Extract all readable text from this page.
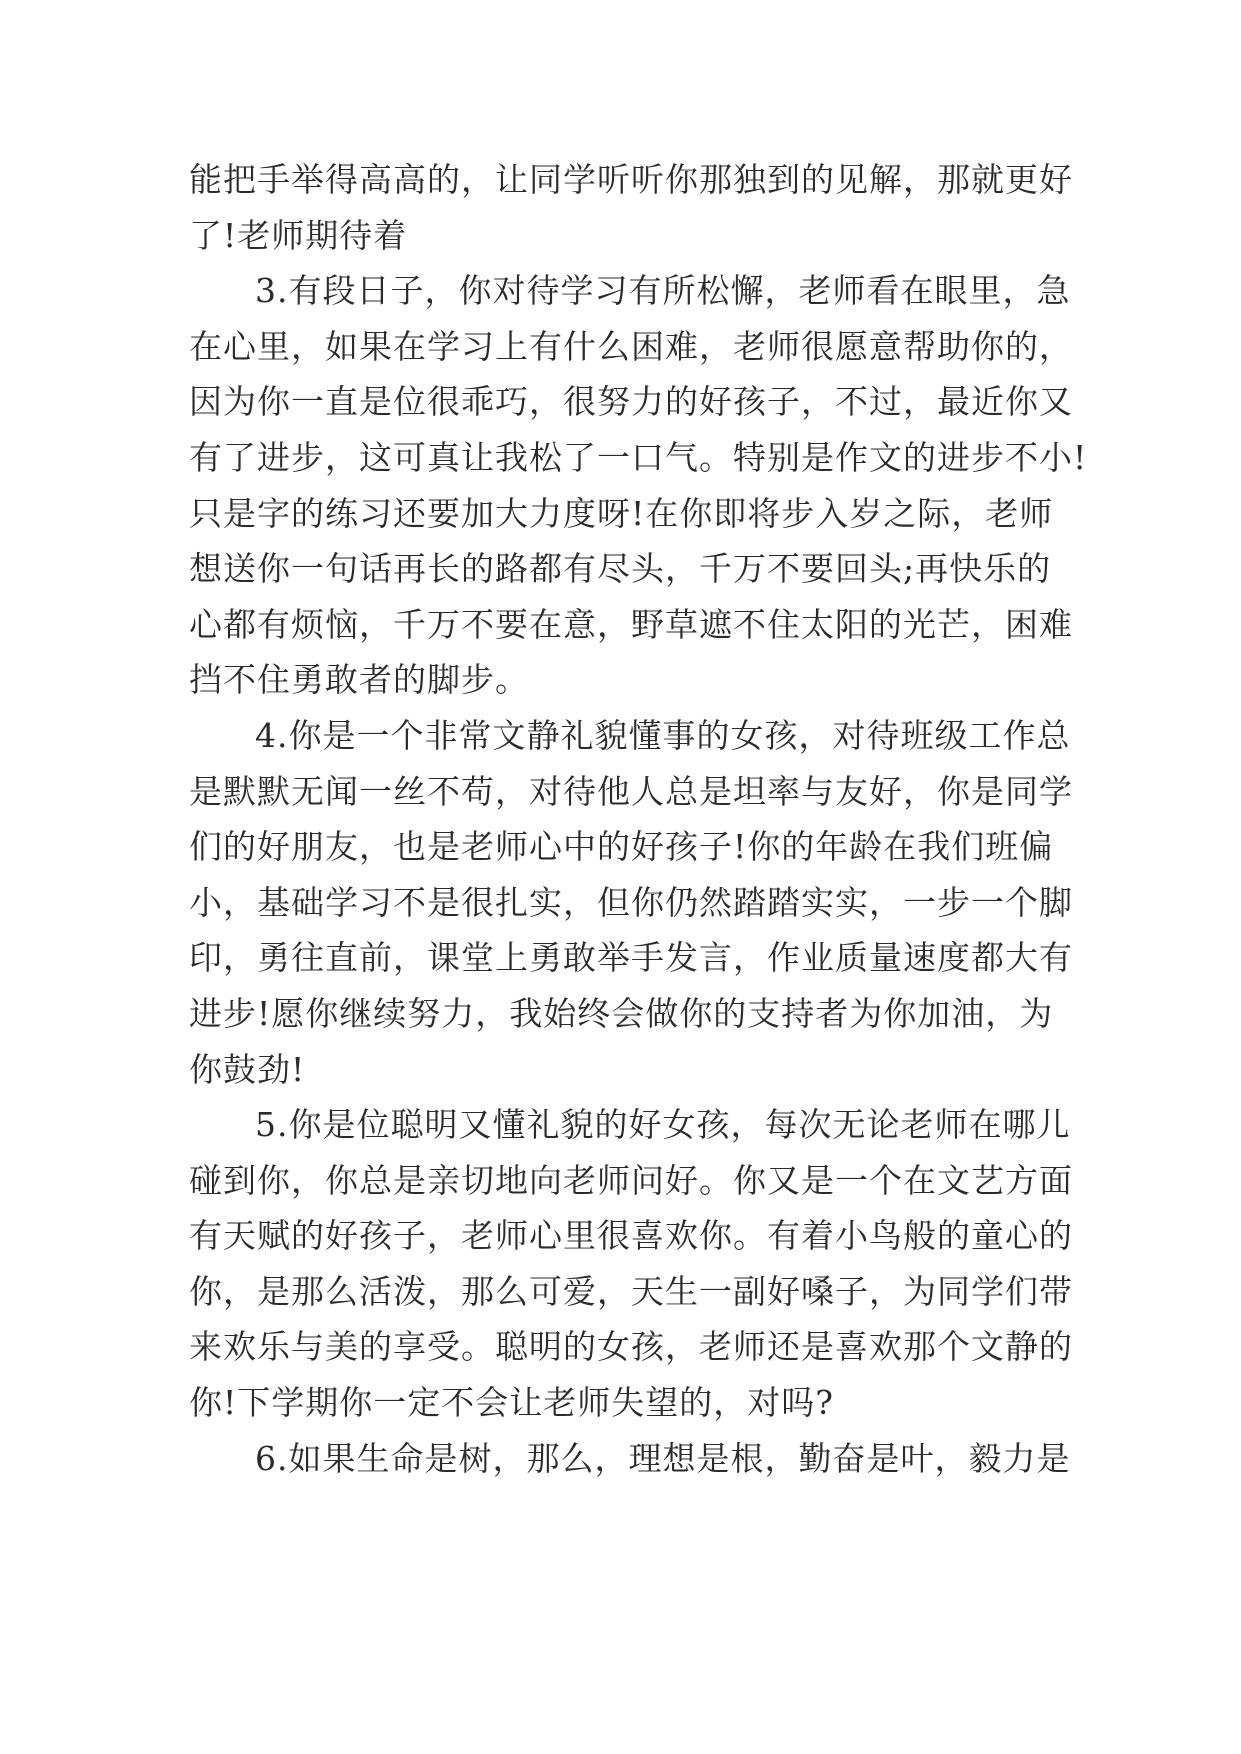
能把手举得高高的，让同学听听你那独到的见解，那就更好
了!老师期待着
3.有段日子，你对待学习有所松懈，老师看在眼里，急
在心里，如果在学习上有什么困难，老师很愿意帮助你的，
因为你一直是位很乖巧，很努力的好孩子，不过，最近你又
有了进步，这可真让我松了一口气。特别是作文的进步不小!
只是字的练习还要加大力度呀!在你即将步入岁之际，老师
想送你一句话再长的路都有尽头，千万不要回头;再快乐的
心都有烦恼，千万不要在意，野草遮不住太阳的光芒，困难
挡不住勇敢者的脚步。
4.你是一个非常文静礼貌懂事的女孩，对待班级工作总
是默默无闻一丝不苟，对待他人总是坦率与友好，你是同学
们的好朋友，也是老师心中的好孩子!你的年龄在我们班偏
小，基础学习不是很扎实，但你仍然踏踏实实，一步一个脚
印，勇往直前，课堂上勇敢举手发言，作业质量速度都大有
进步!愿你继续努力，我始终会做你的支持者为你加油，为
你鼓劲!
5.你是位聪明又懂礼貌的好女孩，每次无论老师在哪儿
碰到你，你总是亲切地向老师问好。你又是一个在文艺方面
有天赋的好孩子，老师心里很喜欢你。有着小鸟般的童心的
你，是那么活泼，那么可爱，天生一副好嗓子，为同学们带
来欢乐与美的享受。聪明的女孩，老师还是喜欢那个文静的
你!下学期你一定不会让老师失望的，对吗?
6.如果生命是树，那么，理想是根，勤奋是叶，毅力是
